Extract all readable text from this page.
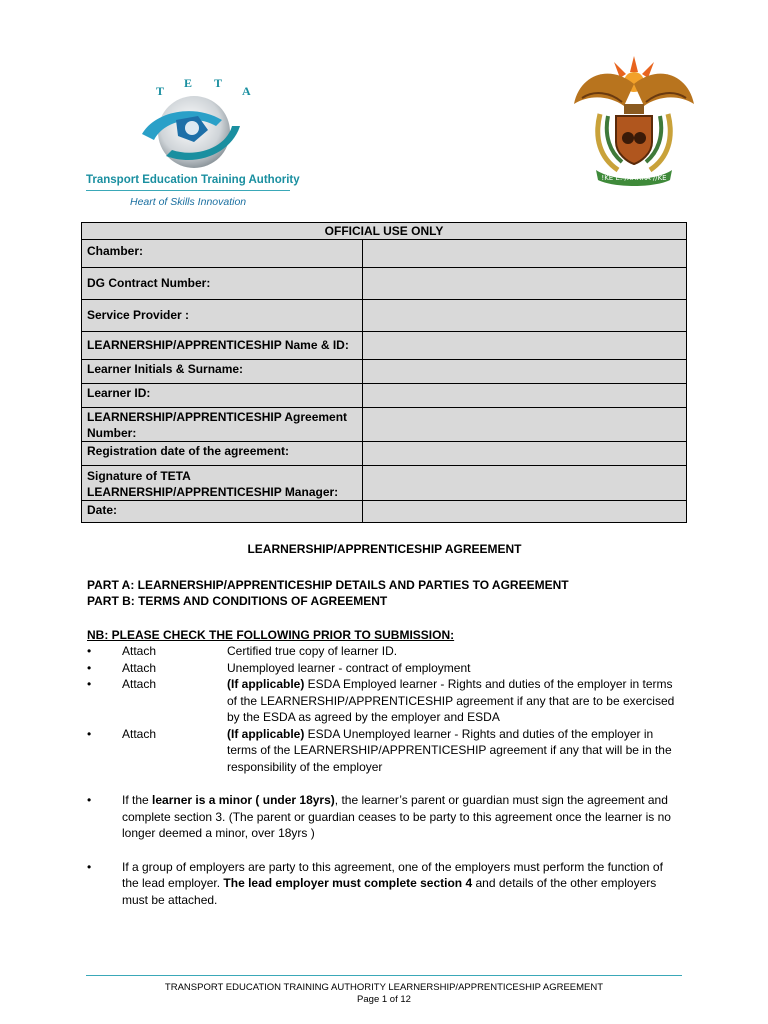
T
E T
A
Transport Education Training Authority
Heart of Skills Innovation
!KE E: /XARRA //KE
OFFICIAL USE ONLY	
Chamber:	
DG Contract Number:	
Service Provider :	
LEARNERSHIP/APPRENTICESHIP Name & ID:	
Learner Initials & Surname:	
Learner ID:	
LEARNERSHIP/APPRENTICESHIP Agreement Number:	
Registration date of the agreement:	
Signature of TETA LEARNERSHIP/APPRENTICESHIP Manager:	
Date:	

LEARNERSHIP/APPRENTICESHIP AGREEMENT

PART A: LEARNERSHIP/APPRENTICESHIP DETAILS AND PARTIES TO AGREEMENT

PART B: TERMS AND CONDITIONS OF AGREEMENT

NB: PLEASE CHECK THE FOLLOWING PRIOR TO SUBMISSION:

•	Attach	Certified true copy of learner ID.
•	Attach	Unemployed learner - contract of employment
•	Attach	(If applicable) ESDA Employed learner - Rights and duties of the employer in terms of the LEARNERSHIP/APPRENTICESHIP agreement if any that are to be exercised by the ESDA as agreed by the employer and ESDA
•	Attach	(If applicable) ESDA Unemployed learner - Rights and duties of the employer in terms of the LEARNERSHIP/APPRENTICESHIP agreement if any that will be in the responsibility of the employer
•	If the learner is a minor ( under 18yrs), the learner’s parent or guardian must sign the agreement and complete section 3. (The parent or guardian ceases to be party to this agreement once the learner is no longer deemed a minor, over 18yrs )
•	If a group of employers are party to this agreement, one of the employers must perform the function of the lead employer. The lead employer must complete section 4 and details of the other employers must be attached.
TRANSPORT EDUCATION TRAINING AUTHORITY LEARNERSHIP/APPRENTICESHIP AGREEMENT
Page 1 of 12
